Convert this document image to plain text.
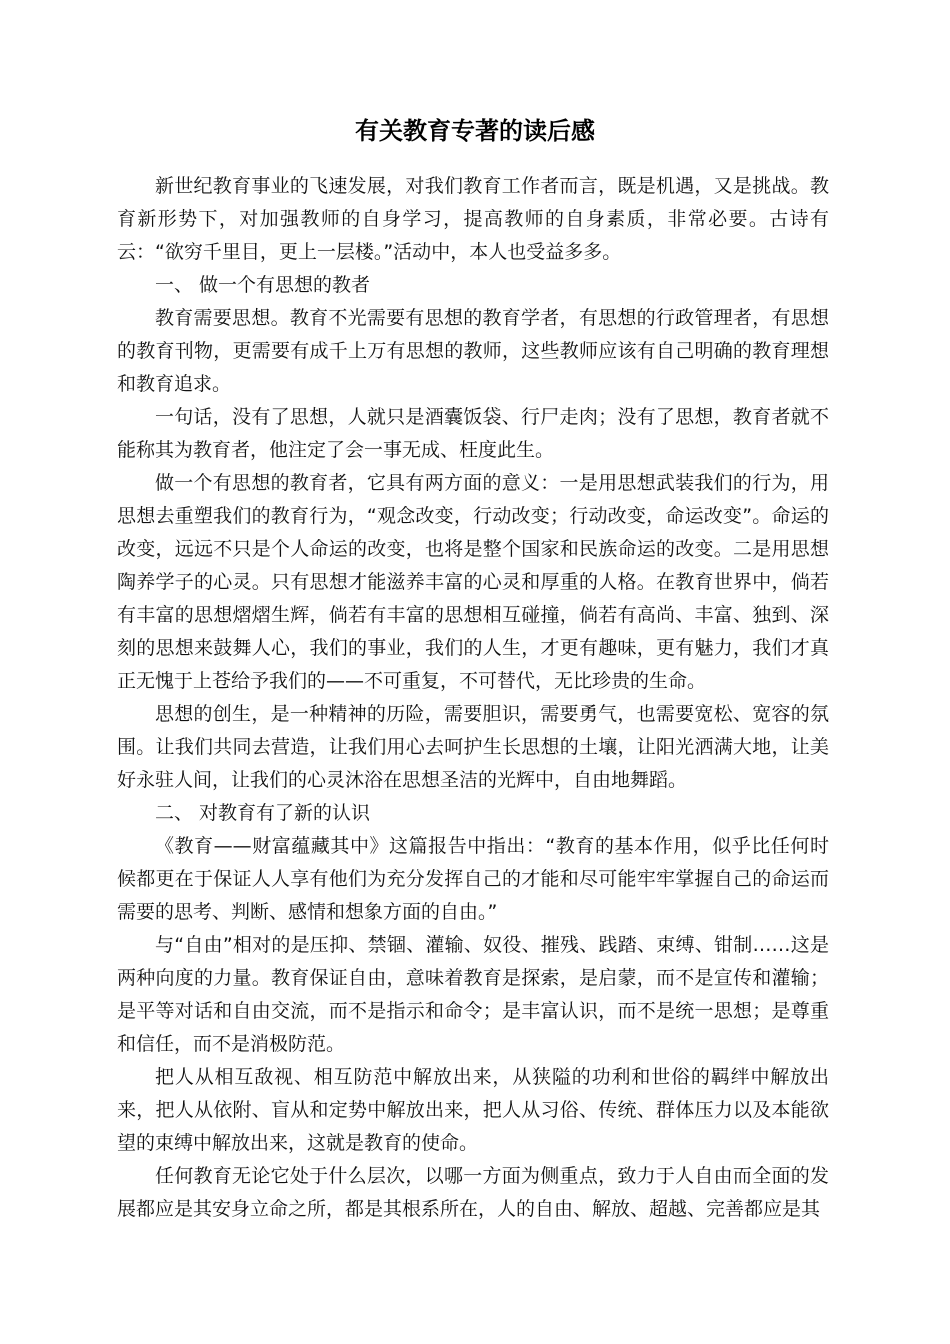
有关教育专著的读后感

新世纪教育事业的飞速发展，对我们教育工作者而言，既是机遇，又是挑战。教育新形势下，对加强教师的自身学习，提高教师的自身素质，非常必要。古诗有云：“欲穷千里目，更上一层楼。”活动中，本人也受益多多。

一、 做一个有思想的教者

教育需要思想。教育不光需要有思想的教育学者，有思想的行政管理者，有思想的教育刊物，更需要有成千上万有思想的教师，这些教师应该有自己明确的教育理想和教育追求。

一句话，没有了思想，人就只是酒囊饭袋、行尸走肉；没有了思想，教育者就不能称其为教育者，他注定了会一事无成、枉度此生。

做一个有思想的教育者，它具有两方面的意义：一是用思想武装我们的行为，用思想去重塑我们的教育行为，“观念改变，行动改变；行动改变，命运改变”。命运的改变，远远不只是个人命运的改变，也将是整个国家和民族命运的改变。二是用思想陶养学子的心灵。只有思想才能滋养丰富的心灵和厚重的人格。在教育世界中，倘若有丰富的思想熠熠生辉，倘若有丰富的思想相互碰撞，倘若有高尚、丰富、独到、深刻的思想来鼓舞人心，我们的事业，我们的人生，才更有趣味，更有魅力，我们才真正无愧于上苍给予我们的——不可重复，不可替代，无比珍贵的生命。

思想的创生，是一种精神的历险，需要胆识，需要勇气，也需要宽松、宽容的氛围。让我们共同去营造，让我们用心去呵护生长思想的土壤，让阳光洒满大地，让美好永驻人间，让我们的心灵沐浴在思想圣洁的光辉中，自由地舞蹈。

二、 对教育有了新的认识

《教育——财富蕴藏其中》这篇报告中指出：“教育的基本作用，似乎比任何时候都更在于保证人人享有他们为充分发挥自己的才能和尽可能牢牢掌握自己的命运而需要的思考、判断、感情和想象方面的自由。”

与“自由”相对的是压抑、禁锢、灌输、奴役、摧残、践踏、束缚、钳制……这是两种向度的力量。教育保证自由，意味着教育是探索，是启蒙，而不是宣传和灌输；是平等对话和自由交流，而不是指示和命令；是丰富认识，而不是统一思想；是尊重和信任，而不是消极防范。

把人从相互敌视、相互防范中解放出来，从狭隘的功利和世俗的羁绊中解放出来，把人从依附、盲从和定势中解放出来，把人从习俗、传统、群体压力以及本能欲望的束缚中解放出来，这就是教育的使命。

任何教育无论它处于什么层次，以哪一方面为侧重点，致力于人自由而全面的发展都应是其安身立命之所，都是其根系所在，人的自由、解放、超越、完善都应是其
